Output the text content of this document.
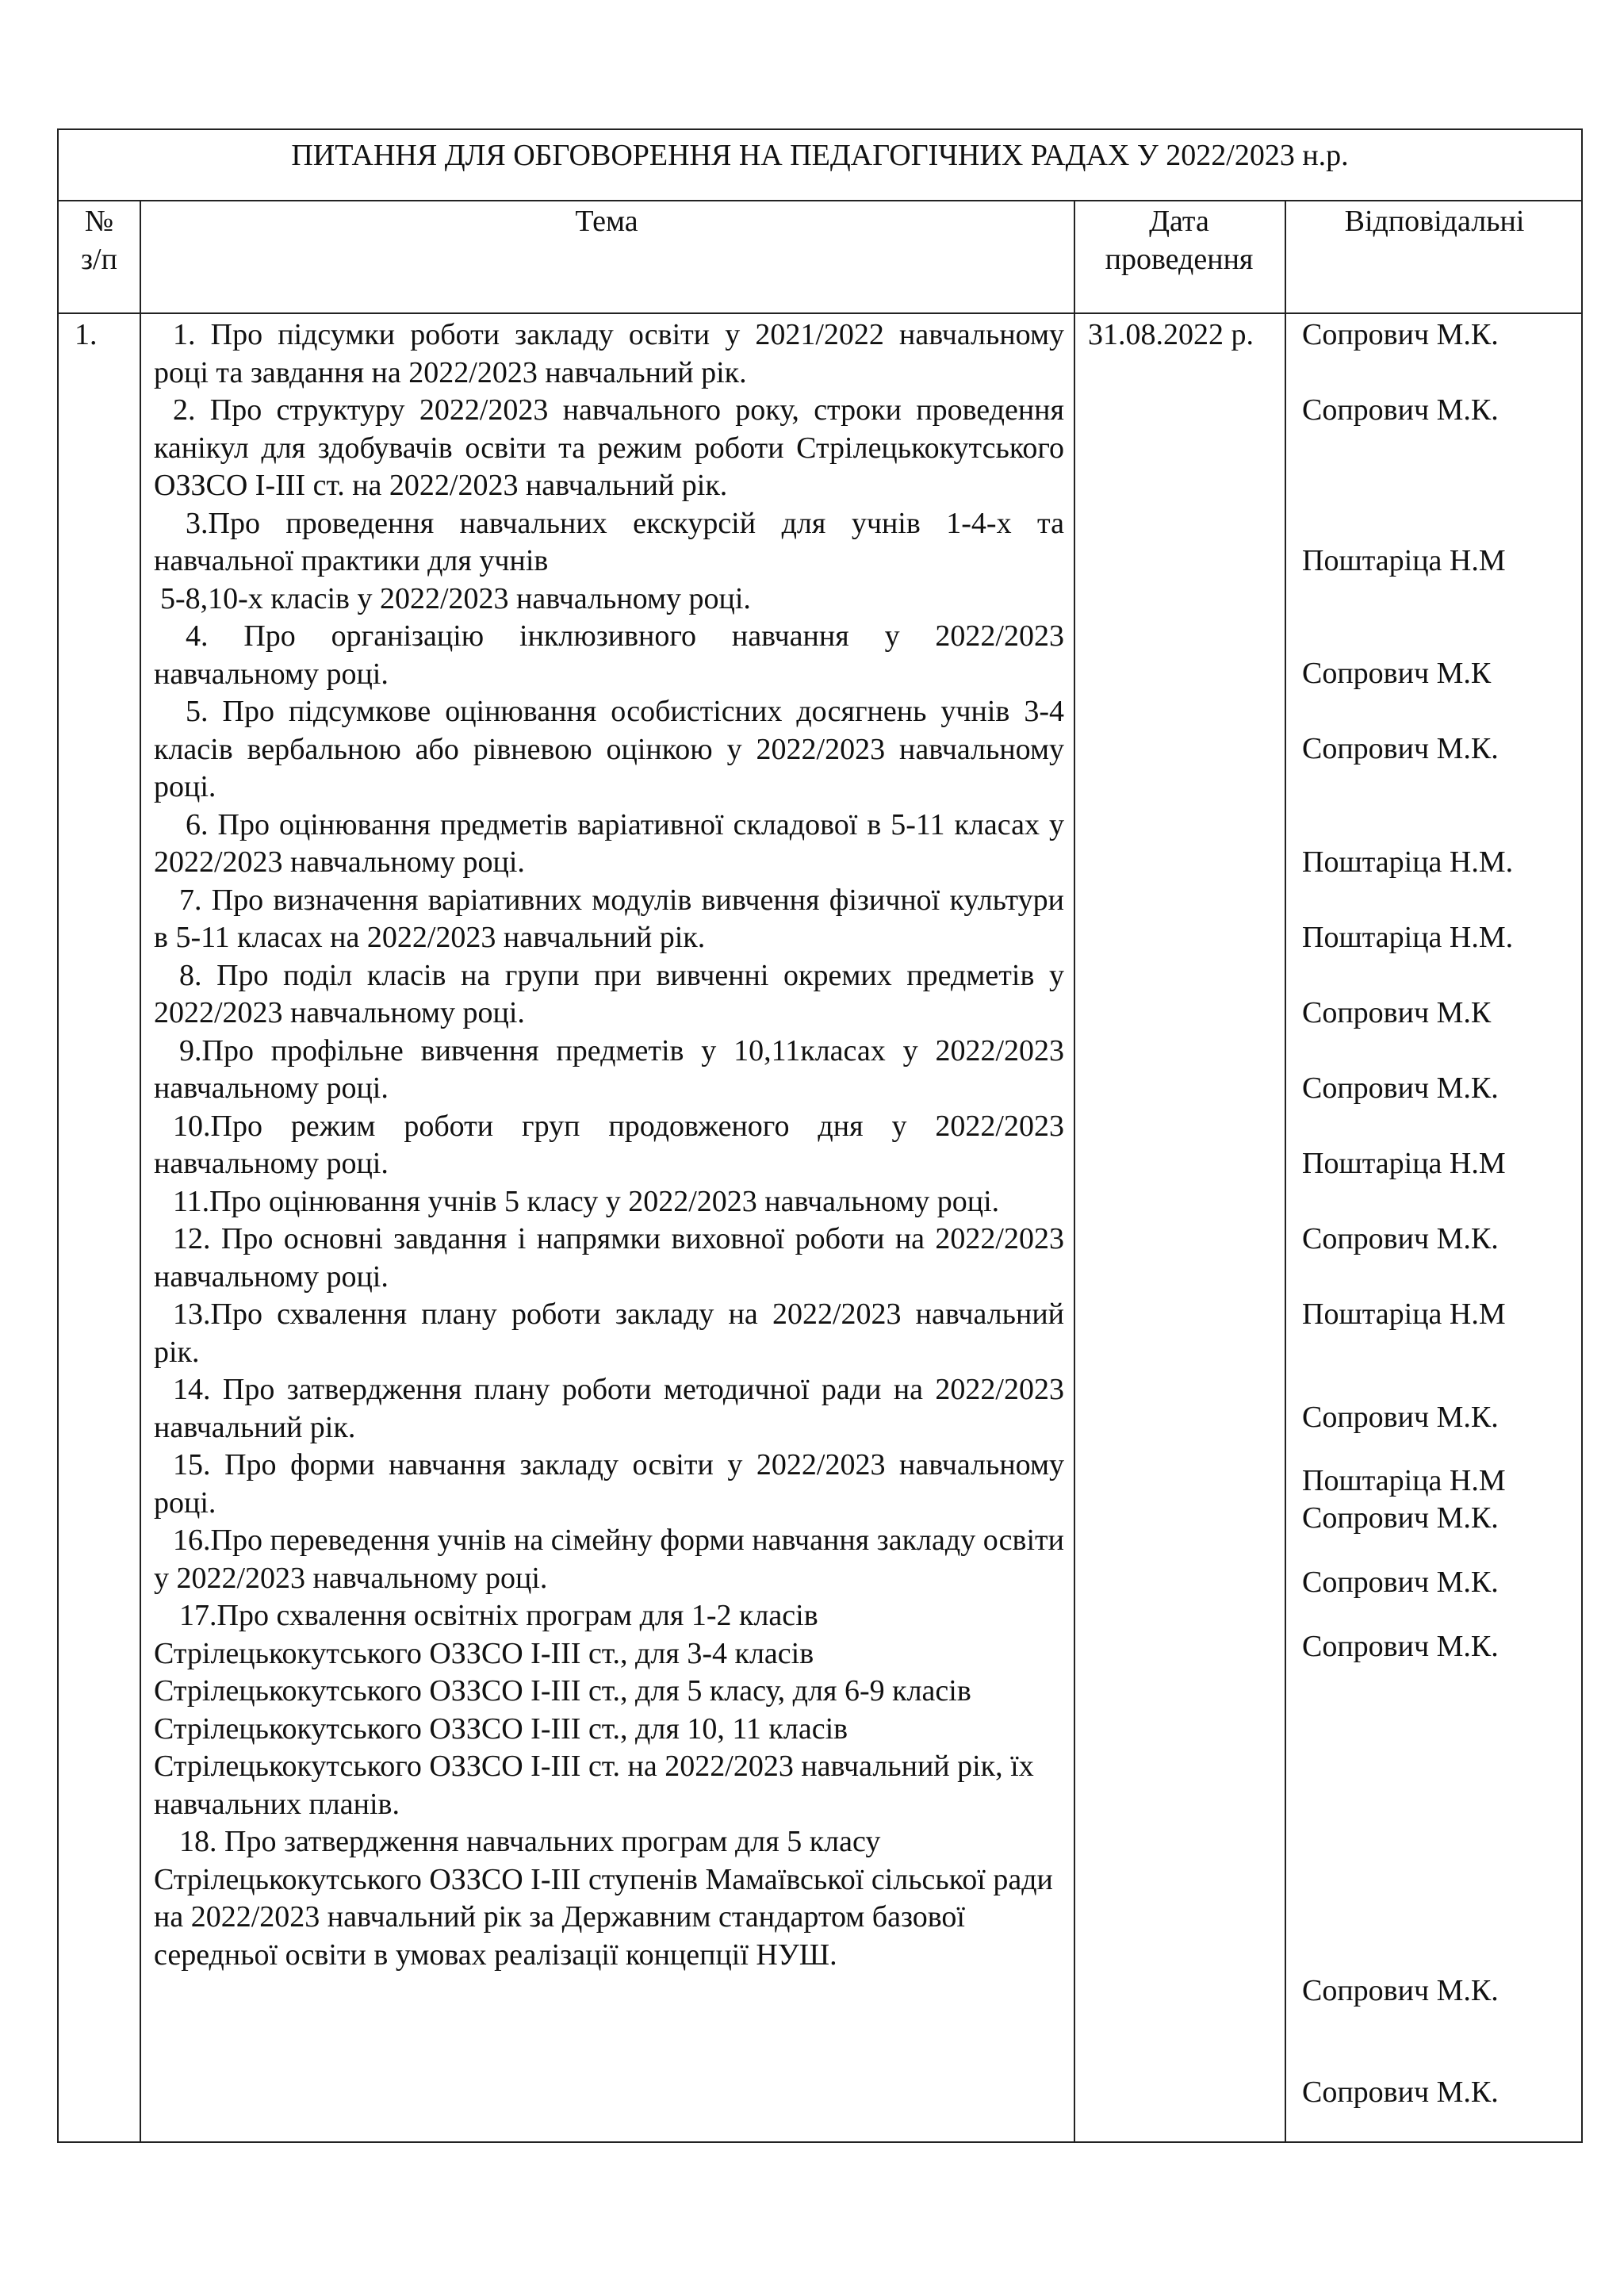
ПИТАННЯ ДЛЯ ОБГОВОРЕННЯ НА ПЕДАГОГІЧНИХ РАДАХ У 2022/2023 н.р.
№
з/п
Тема	Дата
проведення
Відповідальні
1.	31.08.2022 р.

1. Про підсумки роботи закладу освіти у 2021/2022 навчальному році та завдання на 2022/2023 навчальний рік.

2. Про структуру 2022/2023 навчального року, строки проведення канікул для здобувачів освіти та режим роботи Стрілецькокутського ОЗЗСО І-ІІІ ст. на 2022/2023 навчальний рік.

3.Про проведення навчальних екскурсій для учнів 1-4-х та навчальної практики для учнів

5-8,10-х класів у 2022/2023 навчальному році.

4. Про організацію інклюзивного навчання у 2022/2023 навчальному році.

5. Про підсумкове оцінювання особистісних досягнень учнів 3-4 класів вербальною або рівневою оцінкою у 2022/2023 навчальному році.

6. Про оцінювання предметів варіативної складової в 5-11 класах у 2022/2023 навчальному році.

7. Про визначення варіативних модулів вивчення фізичної культури в 5-11 класах на 2022/2023 навчальний рік.

8. Про поділ класів на групи при вивченні окремих предметів у 2022/2023 навчальному році.

9.Про профільне вивчення предметів у 10,11класах у 2022/2023 навчальному році.

10.Про режим роботи груп продовженого дня у 2022/2023 навчальному році.

11.Про оцінювання учнів 5 класу у 2022/2023 навчальному році.

12. Про основні завдання і напрямки виховної роботи на 2022/2023 навчальному році.

13.Про схвалення плану роботи закладу на 2022/2023 навчальний рік.

14. Про затвердження плану роботи методичної ради на 2022/2023 навчальний рік.

15. Про форми навчання закладу освіти у 2022/2023 навчальному році.

16.Про переведення учнів на сімейну форми навчання закладу освіти у 2022/2023 навчальному році.

17.Про схвалення освітніх програм для 1-2 класів Стрілецькокутського ОЗЗСО І-ІІІ ст., для 3-4 класів Стрілецькокутського ОЗЗСО І-ІІІ ст., для 5 класу, для 6-9 класів Стрілецькокутського ОЗЗСО І-ІІІ ст., для 10, 11 класів Стрілецькокутського ОЗЗСО І-ІІІ ст. на 2022/2023 навчальний рік, їх навчальних планів.

18. Про затвердження навчальних програм для 5 класу Стрілецькокутського ОЗЗСО І-ІІІ ступенів Мамаївської сільської ради на 2022/2023 навчальний рік за Державним стандартом базової середньої освіти в умовах реалізації концепції НУШ.

Сопрович М.К.
Сопрович М.К.
Поштаріца Н.М
Сопрович М.К
Сопрович М.К.
Поштаріца Н.М.
Поштаріца Н.М.
Сопрович М.К
Сопрович М.К.
Поштаріца Н.М
Сопрович М.К.
Поштаріца Н.М
Сопрович М.К.
Поштаріца Н.М
Сопрович М.К.
Сопрович М.К.
Сопрович М.К.
Сопрович М.К.
Сопрович М.К.
